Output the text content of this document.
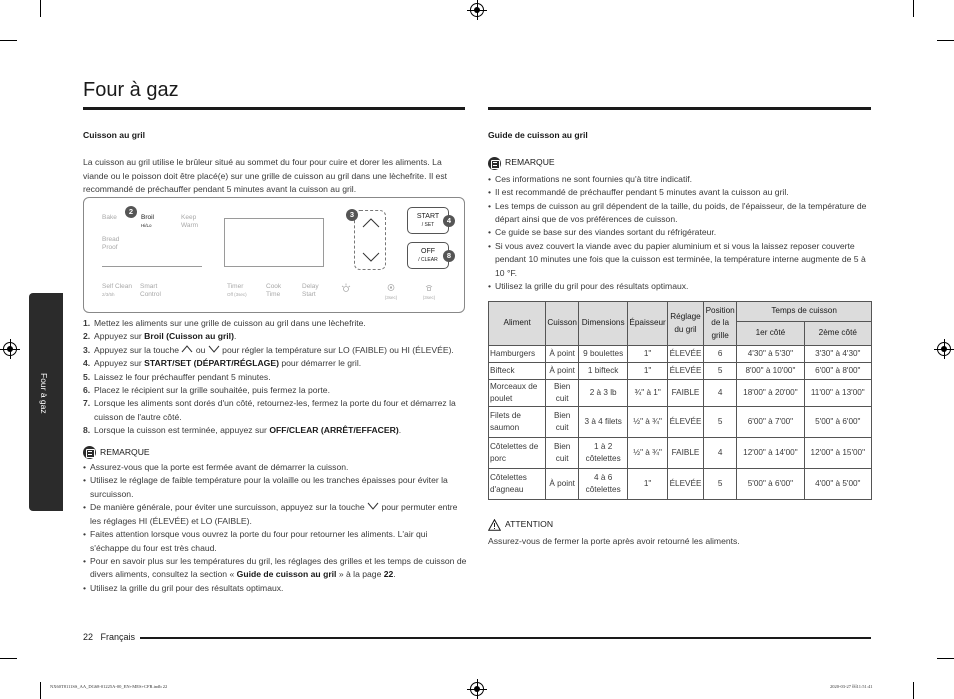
Four à gaz
Four à gaz
Cuisson au gril
La cuisson au gril utilise le brûleur situé au sommet du four pour cuire et dorer les aliments. La viande ou le poisson doit être placé(e) sur une grille de cuisson au gril dans une lèchefrite. Il est recommandé de préchauffer pendant 5 minutes avant la cuisson au gril.
Bake	Broil
Hi/Lo
Keep
Warm
Bread
Proof
Self Clean
2/3/5h
Smart
Control
Timer
Off (3sec)
Cook
Time
Delay
Start	(3sec)	(3sec)
START
/ SET
OFF
/ CLEAR
2	3
4
8
1. Mettez les aliments sur une grille de cuisson au gril dans une lèchefrite.
2. Appuyez sur Broil (Cuisson au gril).
3. Appuyez sur la touche  ou  pour régler la température sur LO (FAIBLE) ou HI (ÉLEVÉE).
4. Appuyez sur START/SET (DÉPART/RÉGLAGE) pour démarrer le gril.
5. Laissez le four préchauffer pendant 5 minutes.
6. Placez le récipient sur la grille souhaitée, puis fermez la porte.
7. Lorsque les aliments sont dorés d'un côté, retournez-les, fermez la porte du four et démarrez la cuisson de l'autre côté.
8. Lorsque la cuisson est terminée, appuyez sur OFF/CLEAR (ARRÊT/EFFACER).
REMARQUE
• Assurez-vous que la porte est fermée avant de démarrer la cuisson.
• Utilisez le réglage de faible température pour la volaille ou les tranches épaisses pour éviter la surcuisson.
• De manière générale, pour éviter une surcuisson, appuyez sur la touche  pour permuter entre les réglages HI (ÉLEVÉE) et LO (FAIBLE).
• Faites attention lorsque vous ouvrez la porte du four pour retourner les aliments. L'air qui s'échappe du four est très chaud.
• Pour en savoir plus sur les températures du gril, les réglages des grilles et les temps de cuisson de divers aliments, consultez la section « Guide de cuisson au gril » à la page 22.
• Utilisez la grille du gril pour des résultats optimaux.
Guide de cuisson au gril
REMARQUE
• Ces informations ne sont fournies qu'à titre indicatif.
• Il est recommandé de préchauffer pendant 5 minutes avant la cuisson au gril.
• Les temps de cuisson au gril dépendent de la taille, du poids, de l'épaisseur, de la température de départ ainsi que de vos préférences de cuisson.
• Ce guide se base sur des viandes sortant du réfrigérateur.
• Si vous avez couvert la viande avec du papier aluminium et si vous la laissez reposer couverte pendant 10 minutes une fois que la cuisson est terminée, la température interne augmente de 5 à 10 °F.
• Utilisez la grille du gril pour des résultats optimaux.
Aliment	Cuisson	Dimensions	Épaisseur	Réglage du gril	Position de la grille	Temps de cuisson	
						1er côté	2ème côté
Hamburgers	À point	9 boulettes	1"	ÉLEVÉE	6	4'30" à 5'30"	3'30" à 4'30"
Bifteck	À point	1 bifteck	1"	ÉLEVÉE	5	8'00" à 10'00"	6'00" à 8'00"
Morceaux de poulet	Bien cuit	2 à 3 lb	¾" à 1"	FAIBLE	4	18'00" à 20'00"	11'00" à 13'00"
Filets de saumon	Bien cuit	3 à 4 filets	½" à ¾"	ÉLEVÉE	5	6'00" à 7'00"	5'00" à 6'00"
Côtelettes de porc	Bien cuit	1 à 2 côtelettes	½" à ¾"	FAIBLE	4	12'00" à 14'00"	12'00" à 15'00"
Côtelettes d'agneau	À point	4 à 6 côtelettes	1"	ÉLEVÉE	5	5'00" à 6'00"	4'00" à 5'00"
ATTENTION
Assurez-vous de fermer la porte après avoir retourné les aliments.
22 Français
NX60T8111SS_AA_DG68-01225A-00_EN+MES+CFR.indb 22	2020-03-27 ￼11:51:41
